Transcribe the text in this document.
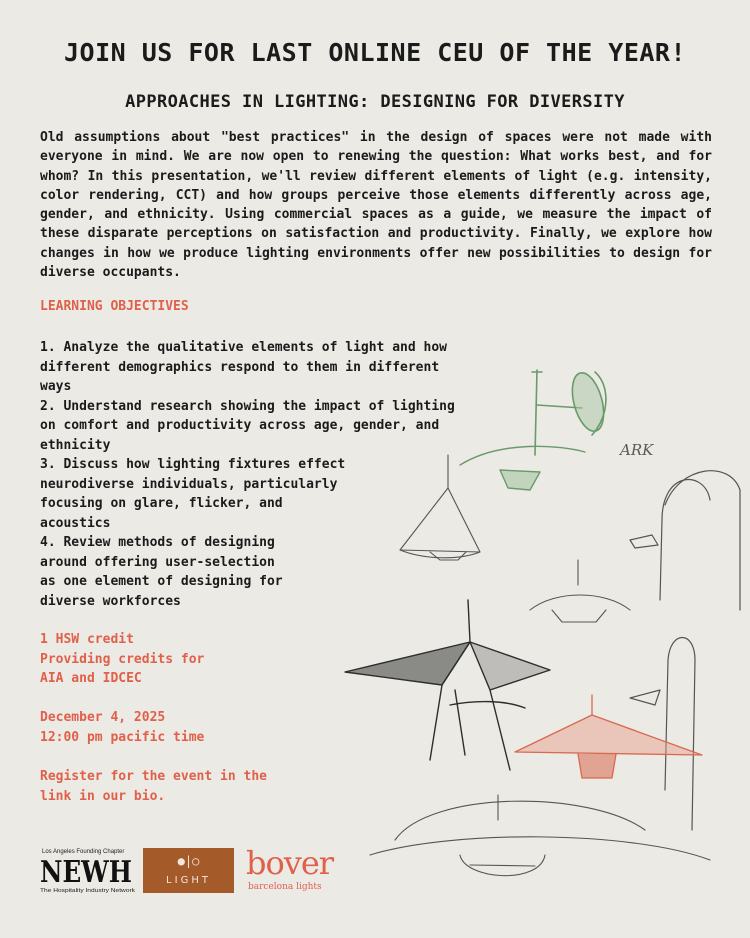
JOIN US FOR LAST ONLINE CEU OF THE YEAR!
APPROACHES IN LIGHTING: DESIGNING FOR DIVERSITY
Old assumptions about "best practices" in the design of spaces were not made with everyone in mind. We are now open to renewing the question: What works best, and for whom? In this presentation, we'll review different elements of light (e.g. intensity, color rendering, CCT) and how groups perceive those elements differently across age, gender, and ethnicity. Using commercial spaces as a guide, we measure the impact of these disparate perceptions on satisfaction and productivity. Finally, we explore how changes in how we produce lighting environments offer new possibilities to design for diverse occupants.
LEARNING OBJECTIVES
1. Analyze the qualitative elements of light and how
different demographics respond to them in different
ways
2. Understand research showing the impact of lighting
on comfort and productivity across age, gender, and
ethnicity
3. Discuss how lighting fixtures effect
neurodiverse individuals, particularly
focusing on glare, flicker, and
acoustics
4. Review methods of designing
around offering user-selection
as one element of designing for
diverse workforces
1 HSW credit
Providing credits for
AIA and IDCEC
December 4, 2025
12:00 pm pacific time
Register for the event in the
link in our bio.
ARK
Los Angeles Founding Chapter
NEWH
The Hospitality Industry Network
●|○
LIGHT	bover
barcelona lights
